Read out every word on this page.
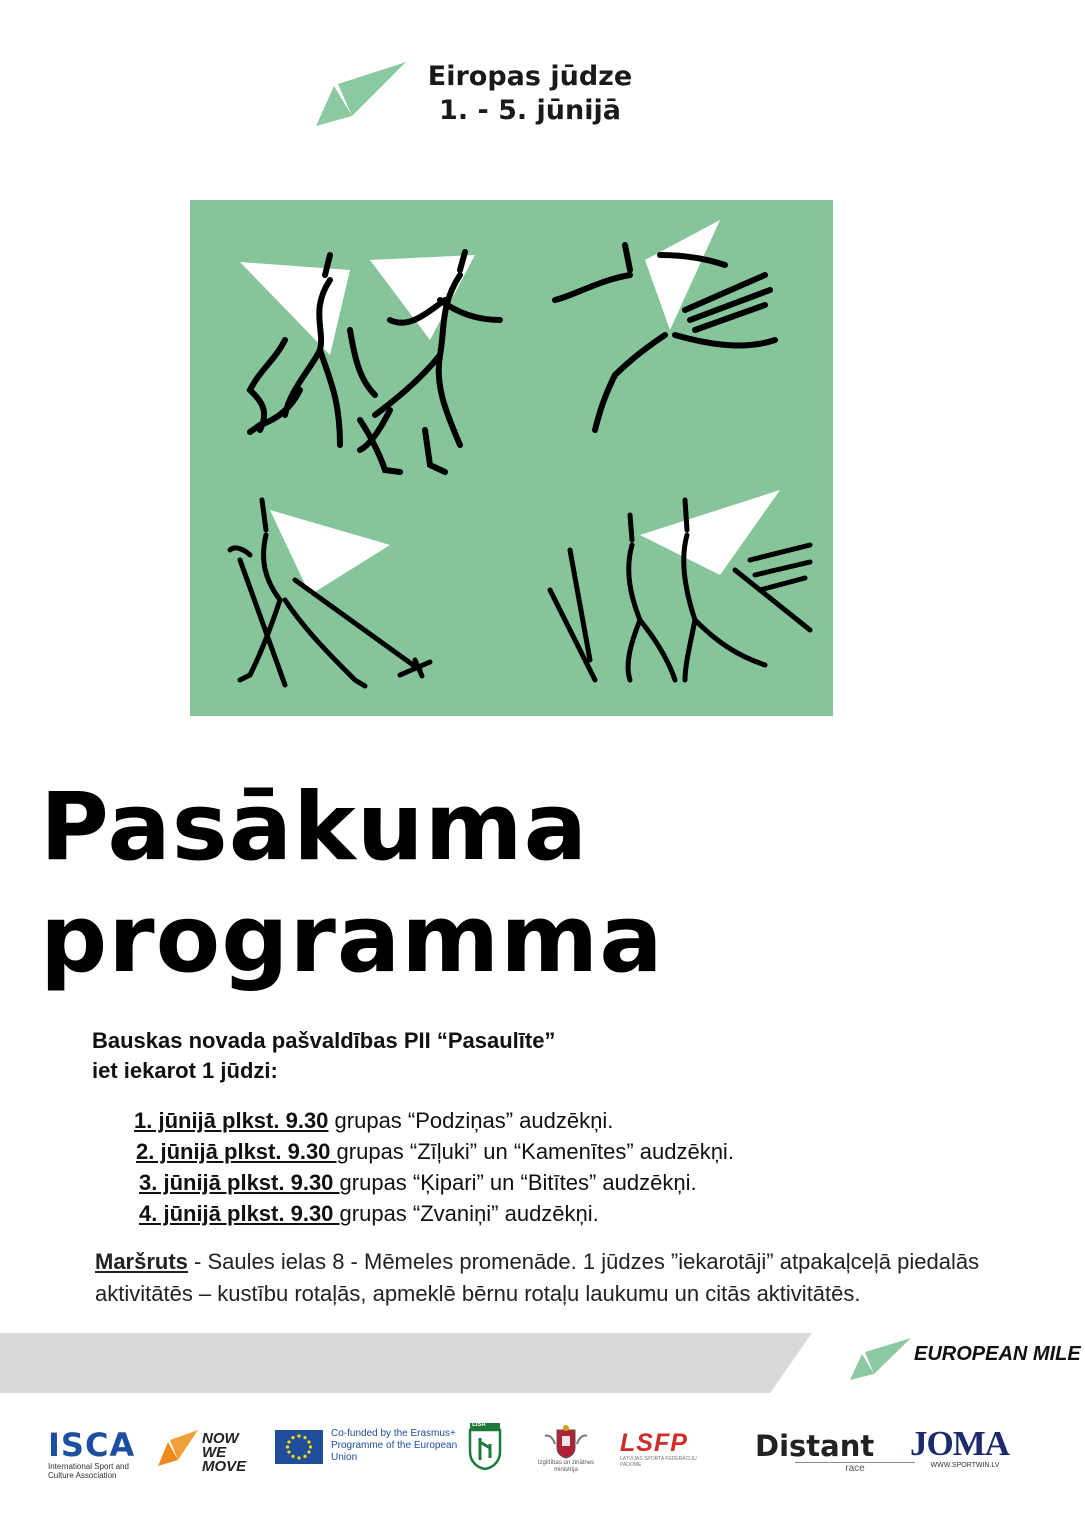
Eiropas jūdze
1. - 5. jūnijā
Pasākuma
programma
Bauskas novada pašvaldības PII “Pasaulīte”
iet iekarot 1 jūdzi:
1. jūnijā plkst. 9.30 grupas “Podziņas” audzēkņi.
2. jūnijā plkst. 9.30 grupas “Zīļuki” un “Kamenītes” audzēkņi.
3. jūnijā plkst. 9.30 grupas “Ķipari” un “Bitītes” audzēkņi.
4. jūnijā plkst. 9.30 grupas “Zvaniņi” audzēkņi.
Maršruts - Saules ielas 8 - Mēmeles promenāde. 1 jūdzes ”iekarotāji” atpakaļceļā piedalās aktivitātēs – kustību rotaļās, apmeklē bērnu rotaļu laukumu un citās aktivitātēs.
EUROPEAN MILE
ISCA
International Sport and Culture Association
NOW
WE MOVE
Co-funded by the Erasmus+ Programme of the European Union
LISA
Izglītības un zinātnes ministrija
LSFP
LATVIJAS SPORTA FEDERĀCIJU PADOME
Distant
race
JOMA
WWW.SPORTWIN.LV
